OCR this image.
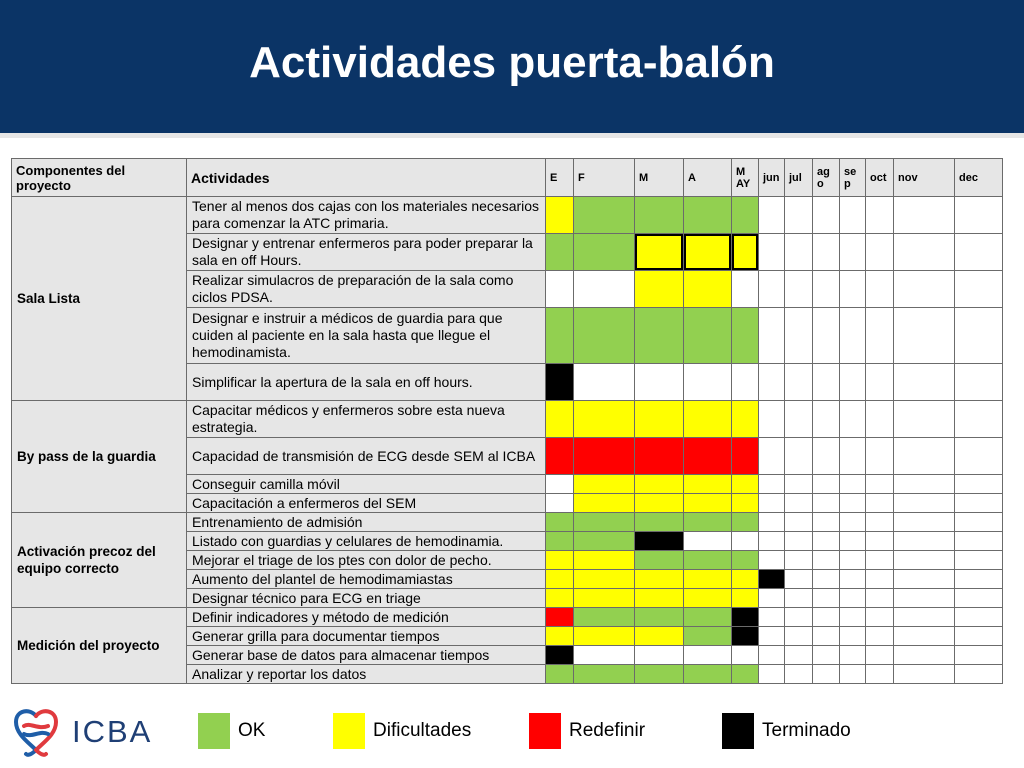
Actividades puerta-balón
Componentes del proyecto	Actividades	E	F	M	A	M AY	jun	jul	ag o	se p	oct	nov	dec
Sala Lista	Tener al menos dos cajas con los materiales necesarios para comenzar la ATC primaria.												
	Designar y entrenar enfermeros para poder preparar la sala en off Hours.												
	Realizar simulacros de preparación de la sala como ciclos PDSA.												
	Designar e instruir a médicos de guardia para que cuiden al paciente en la sala hasta que llegue el hemodinamista.												
	Simplificar la apertura de la sala en off hours.												
By pass de la guardia	Capacitar médicos y enfermeros sobre esta nueva estrategia.												
	Capacidad de transmisión de ECG desde SEM al ICBA												
	Conseguir camilla móvil												
	Capacitación a enfermeros del SEM												
Activación precoz del equipo correcto	Entrenamiento de admisión												
	Listado con guardias y celulares de hemodinamia.												
	Mejorar el triage de los ptes con dolor de pecho.												
	Aumento del plantel de hemodimamiastas												
	Designar técnico para ECG en triage												
Medición del proyecto	Definir indicadores y método de medición												
	Generar grilla para documentar tiempos												
	Generar base de datos para almacenar tiempos												
	Analizar y reportar los datos												
ICBA	OK	Dificultades	Redefinir	Terminado
